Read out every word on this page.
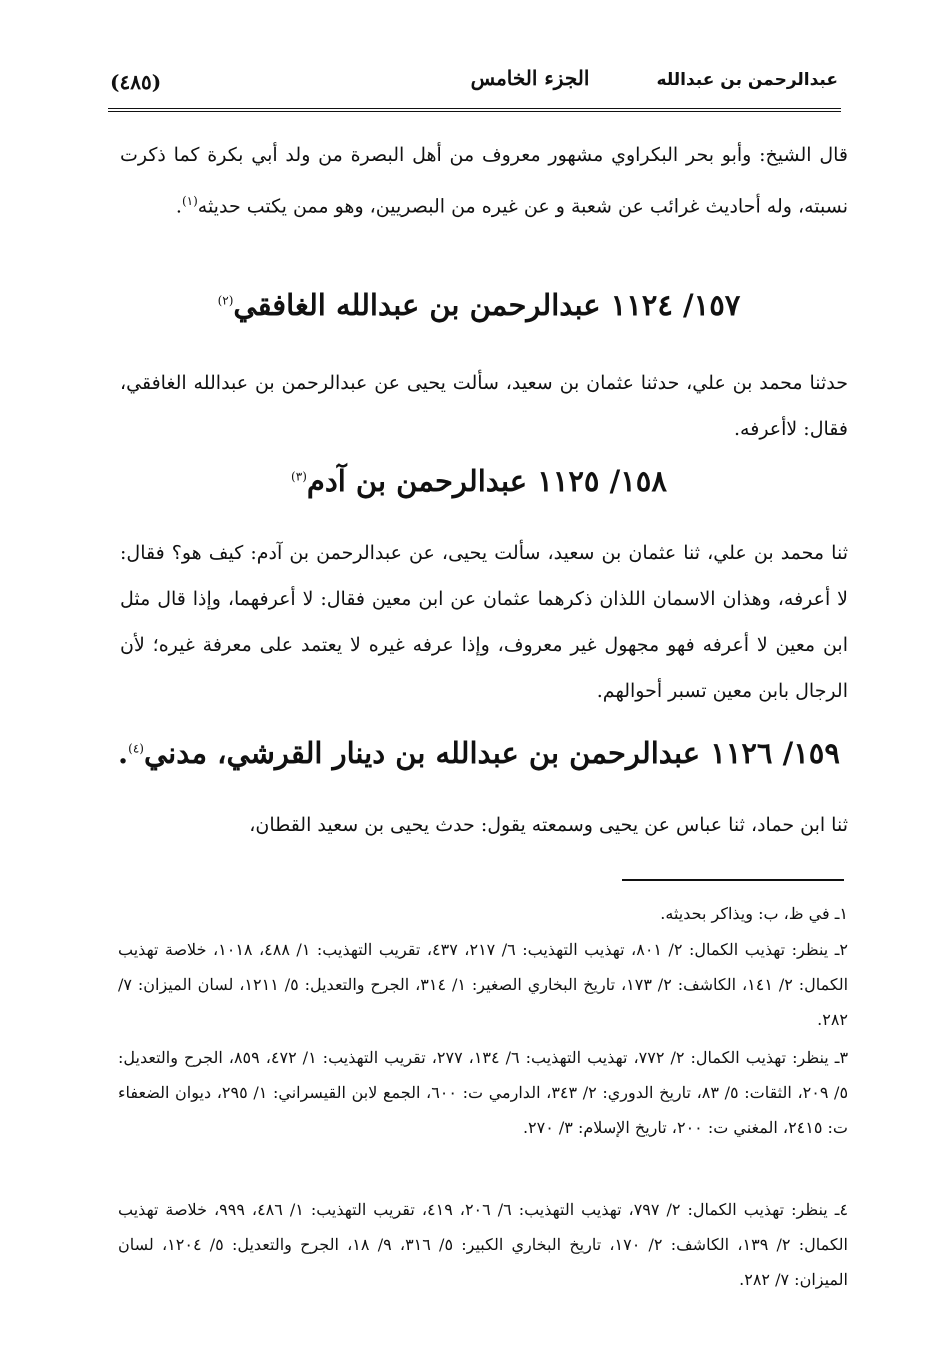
عبدالرحمن بن عبدالله
الجزء الخامس
(٤٨٥)
قال الشيخ: وأبو بحر البكراوي مشهور معروف من أهل البصرة من ولد أبي بكرة كما ذكرت نسبته، وله أحاديث غرائب عن شعبة و عن غيره من البصريين، وهو ممن يكتب حديثه$^{(١)}$.
١٥٧/ ١١٢٤ عبدالرحمن بن عبدالله الغافقي$^{(٢)}$
حدثنا محمد بن علي، حدثنا عثمان بن سعيد، سألت يحيى عن عبدالرحمن بن عبدالله الغافقي، فقال: لاأعرفه.
١٥٨/ ١١٢٥ عبدالرحمن بن آدم$^{(٣)}$
ثنا محمد بن علي، ثنا عثمان بن سعيد، سألت يحيى، عن عبدالرحمن بن آدم: كيف هو؟ فقال: لا أعرفه، وهذان الاسمان اللذان ذكرهما عثمان عن ابن معين فقال: لا أعرفهما، وإذا قال مثل ابن معين لا أعرفه فهو مجهول غير معروف، وإذا عرفه غيره لا يعتمد على معرفة غيره؛ لأن الرجال بابن معين تسبر أحوالهم.
١٥٩/ ١١٢٦ عبدالرحمن بن عبدالله بن دينار القرشي، مدني$^{(٤)}$.
ثنا ابن حماد، ثنا عباس عن يحيى وسمعته يقول: حدث يحيى بن سعيد القطان،
١ـ في ظ، ب: ويذاكر بحديثه.
٢ـ ينظر: تهذيب الكمال: ٢/ ٨٠١، تهذيب التهذيب: ٦/ ٢١٧، ٤٣٧، تقريب التهذيب: ١/ ٤٨٨، ١٠١٨، خلاصة تهذيب الكمال: ٢/ ١٤١، الكاشف: ٢/ ١٧٣، تاريخ البخاري الصغير: ١/ ٣١٤، الجرح والتعديل: ٥/ ١٢١١، لسان الميزان: ٧/ ٢٨٢.
٣ـ ينظر: تهذيب الكمال: ٢/ ٧٧٢، تهذيب التهذيب: ٦/ ١٣٤، ٢٧٧، تقريب التهذيب: ١/ ٤٧٢، ٨٥٩، الجرح والتعديل: ٥/ ٢٠٩، الثقات: ٥/ ٨٣، تاريخ الدوري: ٢/ ٣٤٣، الدارمي ت: ٦٠٠، الجمع لابن القيسراني: ١/ ٢٩٥، ديوان الضعفاء ت: ٢٤١٥، المغني ت: ٢٠٠، تاريخ الإسلام: ٣/ ٢٧٠.
٤ـ ينظر: تهذيب الكمال: ٢/ ٧٩٧، تهذيب التهذيب: ٦/ ٢٠٦، ٤١٩، تقريب التهذيب: ١/ ٤٨٦، ٩٩٩، خلاصة تهذيب الكمال: ٢/ ١٣٩، الكاشف: ٢/ ١٧٠، تاريخ البخاري الكبير: ٥/ ٣١٦، ٩/ ١٨، الجرح والتعديل: ٥/ ١٢٠٤، لسان الميزان: ٧/ ٢٨٢.
